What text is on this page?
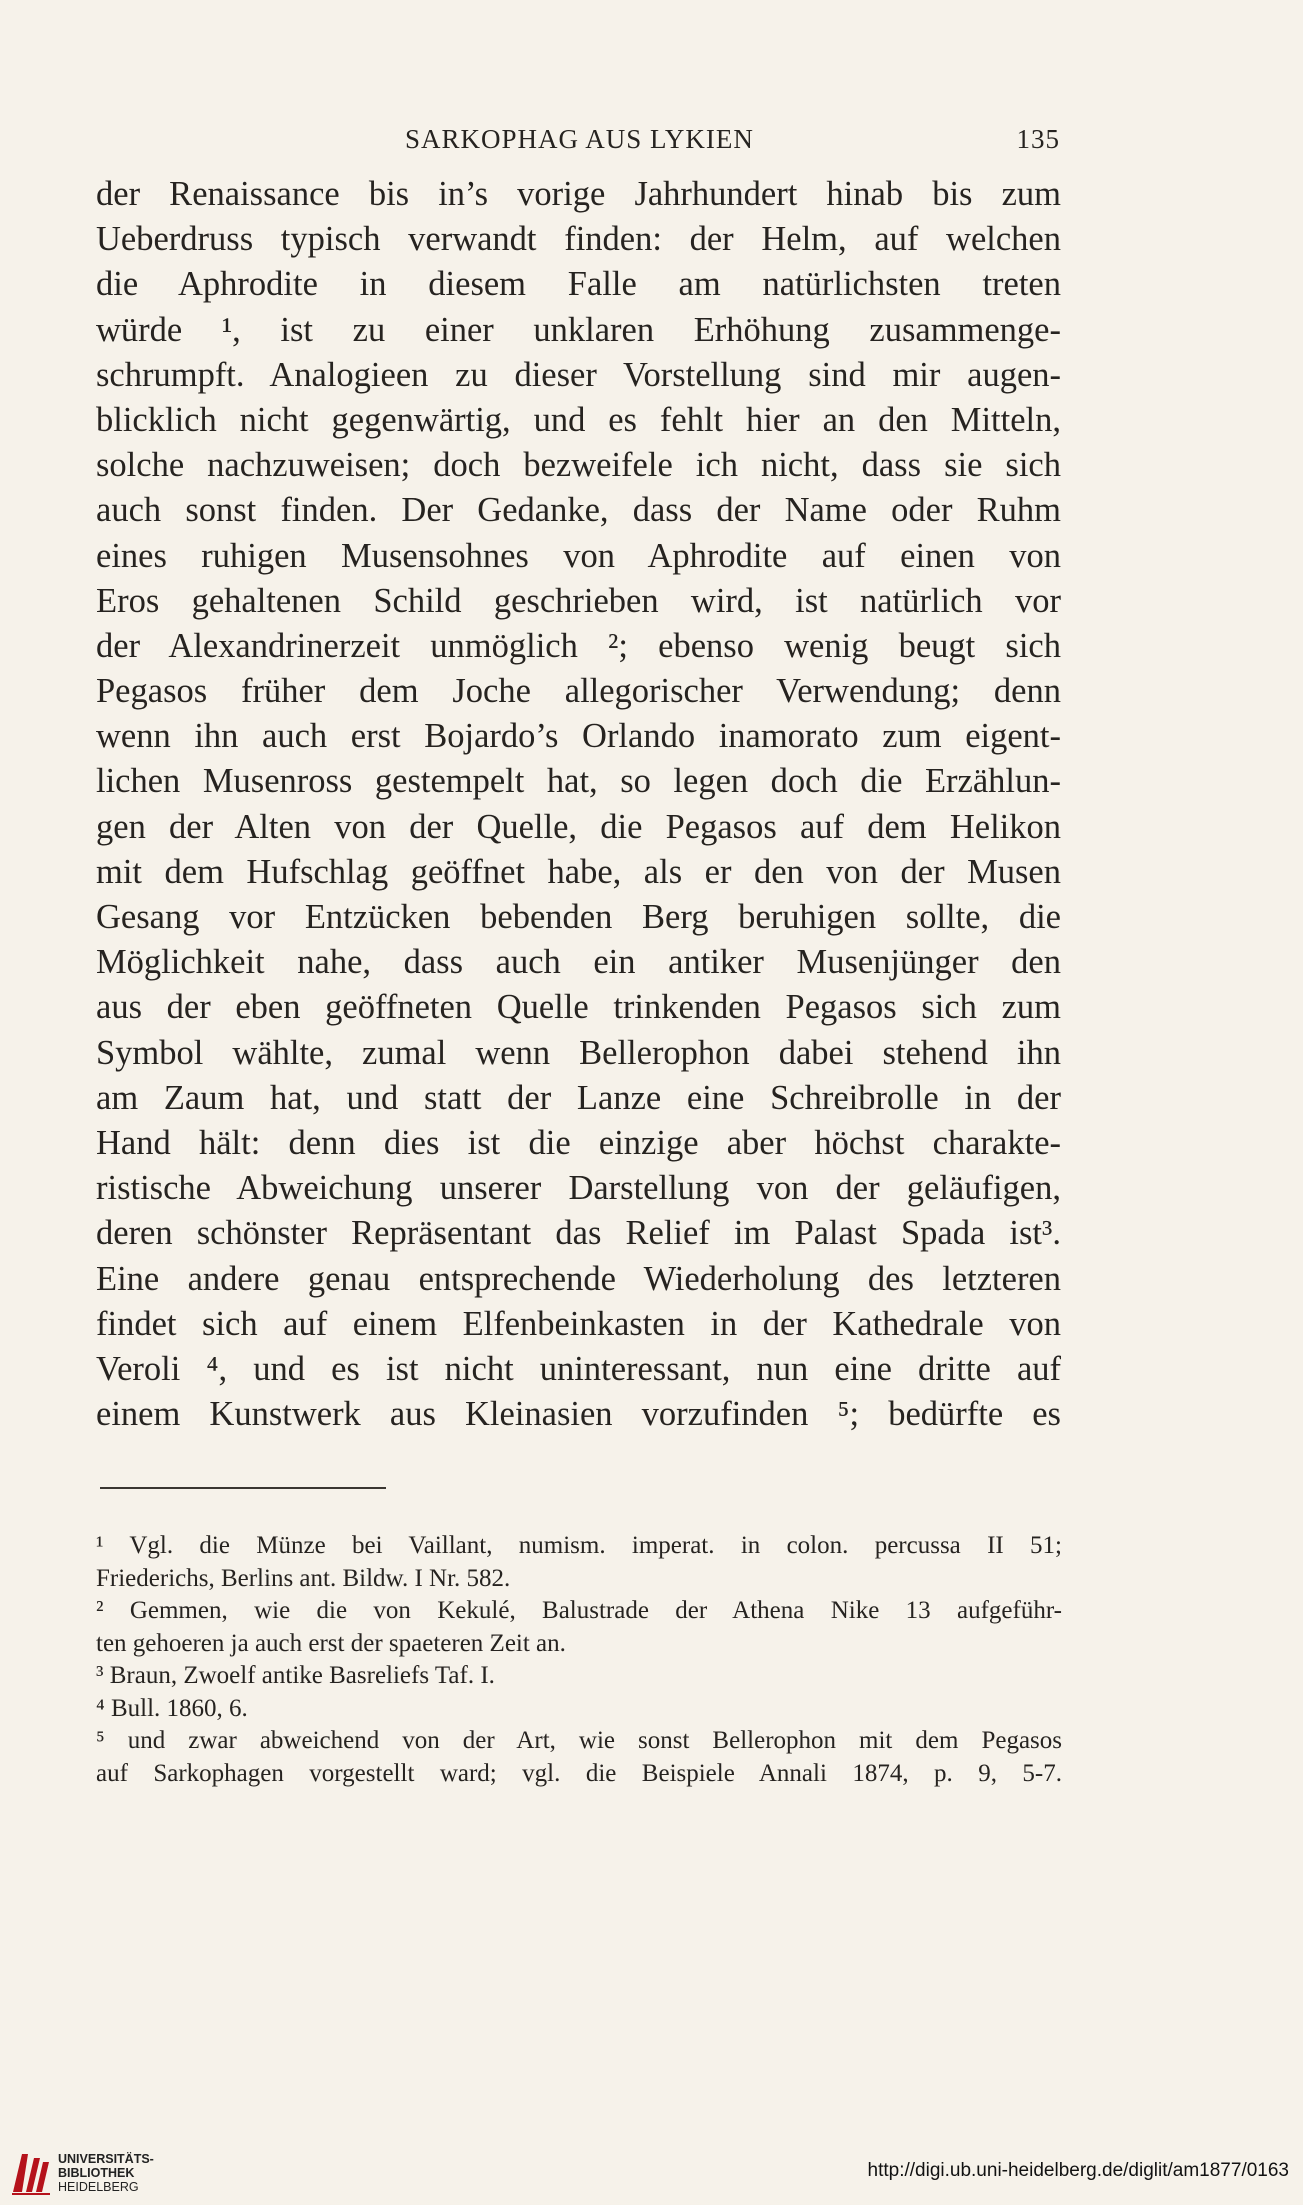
SARKOPHAG AUS LYKIEN	135
der Renaissance bis in’s vorige Jahrhundert hinab bis zum
Ueberdruss typisch verwandt finden: der Helm, auf welchen
die Aphrodite in diesem Falle am natürlichsten treten
würde ¹, ist zu einer unklaren Erhöhung zusammenge-
schrumpft. Analogieen zu dieser Vorstellung sind mir augen-
blicklich nicht gegenwärtig, und es fehlt hier an den Mitteln,
solche nachzuweisen; doch bezweifele ich nicht, dass sie sich
auch sonst finden. Der Gedanke, dass der Name oder Ruhm
eines ruhigen Musensohnes von Aphrodite auf einen von
Eros gehaltenen Schild geschrieben wird, ist natürlich vor
der Alexandrinerzeit unmöglich ²; ebenso wenig beugt sich
Pegasos früher dem Joche allegorischer Verwendung; denn
wenn ihn auch erst Bojardo’s Orlando inamorato zum eigent-
lichen Musenross gestempelt hat, so legen doch die Erzählun-
gen der Alten von der Quelle, die Pegasos auf dem Helikon
mit dem Hufschlag geöffnet habe, als er den von der Musen
Gesang vor Entzücken bebenden Berg beruhigen sollte, die
Möglichkeit nahe, dass auch ein antiker Musenjünger den
aus der eben geöffneten Quelle trinkenden Pegasos sich zum
Symbol wählte, zumal wenn Bellerophon dabei stehend ihn
am Zaum hat, und statt der Lanze eine Schreibrolle in der
Hand hält: denn dies ist die einzige aber höchst charakte-
ristische Abweichung unserer Darstellung von der geläufigen,
deren schönster Repräsentant das Relief im Palast Spada ist³.
Eine andere genau entsprechende Wiederholung des letzteren
findet sich auf einem Elfenbeinkasten in der Kathedrale von
Veroli ⁴, und es ist nicht uninteressant, nun eine dritte auf
einem Kunstwerk aus Kleinasien vorzufinden ⁵; bedürfte es
¹ Vgl. die Münze bei Vaillant, numism. imperat. in colon. percussa II 51;
Friederichs, Berlins ant. Bildw. I Nr. 582.
² Gemmen, wie die von Kekulé, Balustrade der Athena Nike 13 aufgeführ-
ten gehoeren ja auch erst der spaeteren Zeit an.
³ Braun, Zwoelf antike Basreliefs Taf. I.
⁴ Bull. 1860, 6.
⁵ und zwar abweichend von der Art, wie sonst Bellerophon mit dem Pegasos
auf Sarkophagen vorgestellt ward; vgl. die Beispiele Annali 1874, p. 9, 5-7.
UNIVERSITÄTS-
BIBLIOTHEK
HEIDELBERG
http://digi.ub.uni-heidelberg.de/diglit/am1877/0163
